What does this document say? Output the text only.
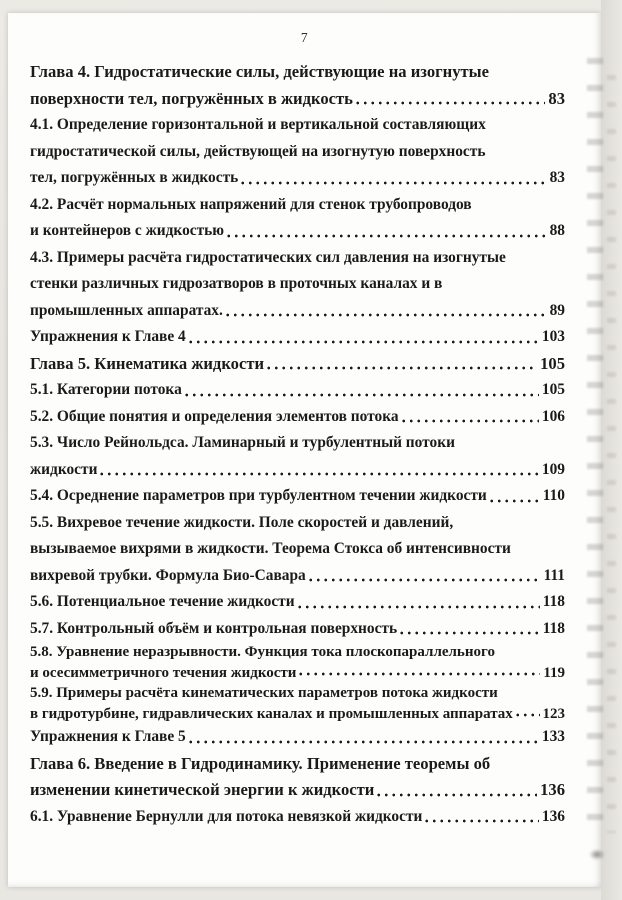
7
Глава 4. Гидростатические силы, действующие на изогнутые
поверхности тел, погружённых в жидкость	83
4.1. Определение горизонтальной и вертикальной составляющих
гидростатической силы, действующей на изогнутую поверхность
тел, погружённых в жидкость	83
4.2. Расчёт нормальных напряжений для стенок трубопроводов
и контейнеров с жидкостью	88
4.3. Примеры расчёта гидростатических сил давления на изогнутые
стенки различных гидрозатворов в проточных каналах и в
промышленных аппаратах.	89
Упражнения к Главе 4	103
Глава 5. Кинематика жидкости	105
5.1. Категории потока	105
5.2. Общие понятия и определения элементов потока	106
5.3. Число Рейнольдса. Ламинарный и турбулентный потоки
жидкости	109
5.4. Осреднение параметров при турбулентном течении жидкости	110
5.5. Вихревое течение жидкости. Поле скоростей и давлений,
вызываемое вихрями в жидкости. Теорема Стокса об интенсивности
вихревой трубки. Формула Био-Савара	111
5.6. Потенциальное течение жидкости	118
5.7. Контрольный объём и контрольная поверхность	118
5.8. Уравнение неразрывности. Функция тока плоскопараллельного
и осесимметричного течения жидкости	119
5.9. Примеры расчёта кинематических параметров потока жидкости
в гидротурбине, гидравлических каналах и промышленных аппаратах 123
Упражнения к Главе 5	133
Глава 6. Введение в Гидродинамику. Применение теоремы об
изменении кинетической энергии к жидкости	136
6.1. Уравнение Бернулли для потока невязкой жидкости	136
